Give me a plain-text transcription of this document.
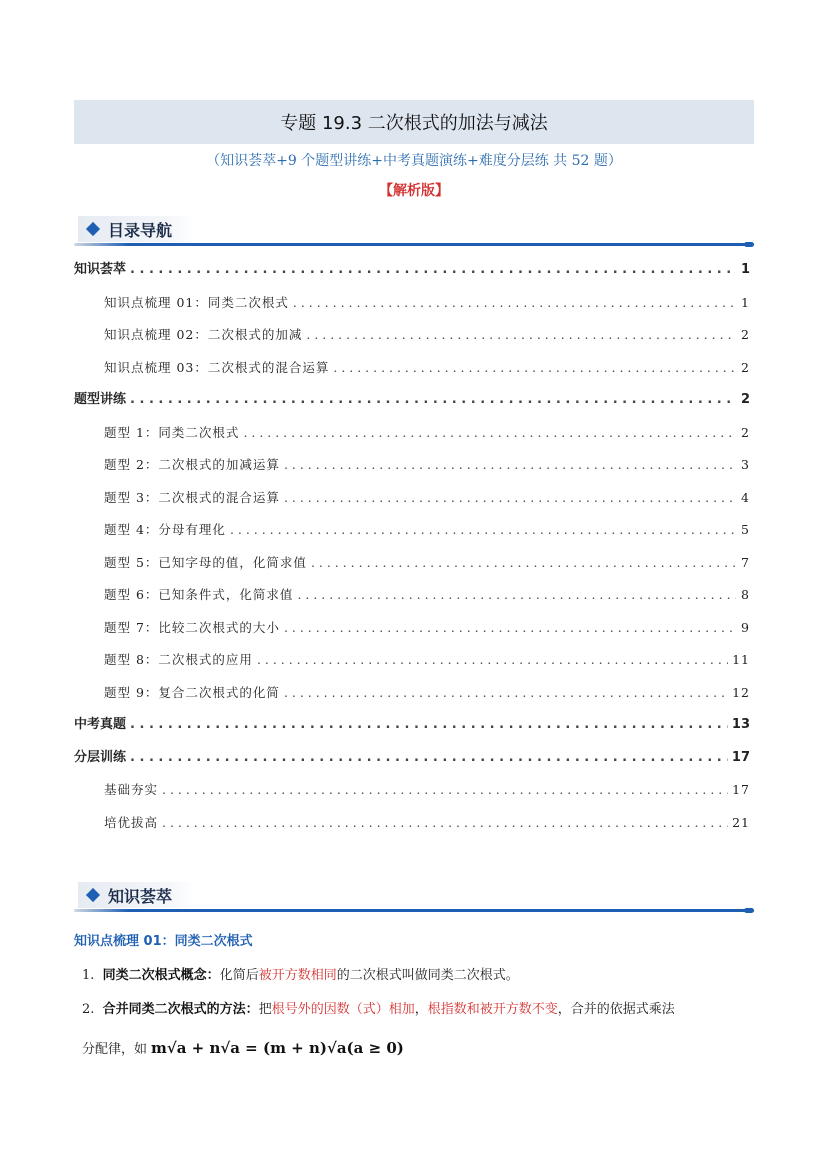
专题 19.3 二次根式的加法与减法
（知识荟萃+9 个题型讲练+中考真题演练+难度分层练 共 52 题）
【解析版】
目录导航
知识荟萃 . . .	1
知识点梳理 01：同类二次根式 . . .	1
知识点梳理 02：二次根式的加减 . . .	2
知识点梳理 03：二次根式的混合运算 . . .	2
题型讲练 . . .	2
题型 1：同类二次根式 . . .	2
题型 2：二次根式的加减运算 . . .	3
题型 3：二次根式的混合运算 . . .	4
题型 4：分母有理化 . . .	5
题型 5：已知字母的值，化简求值 . . .	7
题型 6：已知条件式，化简求值 . . .	8
题型 7：比较二次根式的大小 . . .	9
题型 8：二次根式的应用 . . .	11
题型 9：复合二次根式的化简 . . .	12
中考真题 . . .	13
分层训练 . . .	17
基础夯实 . . .	17
培优拔高 . . .	21
知识荟萃
知识点梳理 01：同类二次根式
1. 同类二次根式概念：化简后被开方数相同的二次根式叫做同类二次根式。
2. 合并同类二次根式的方法：把根号外的因数（式）相加，根指数和被开方数不变，合并的依据式乘法
分配律，如 m√a + n√a = (m + n)√a(a ≥ 0)
